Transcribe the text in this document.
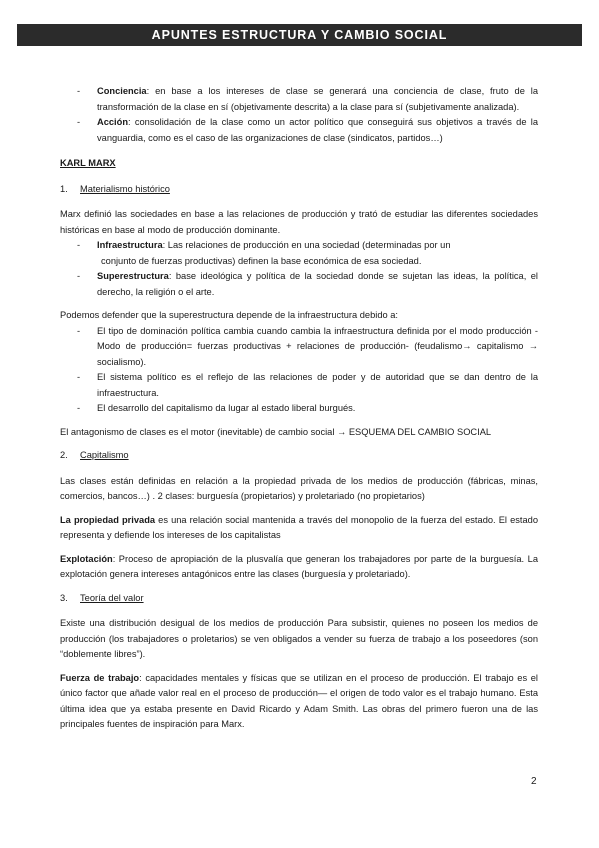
APUNTES ESTRUCTURA Y CAMBIO SOCIAL
- Conciencia: en base a los intereses de clase se generará una conciencia de clase, fruto de la transformación de la clase en sí (objetivamente descrita) a la clase para sí (subjetivamente analizada).
- Acción: consolidación de la clase como un actor político que conseguirá sus objetivos a través de la vanguardia, como es el caso de las organizaciones de clase (sindicatos, partidos…)

KARL MARX

1.	Materialismo histórico

Marx definió las sociedades en base a las relaciones de producción y trató de estudiar las diferentes sociedades históricas en base al modo de producción dominante.

- Infraestructura: Las relaciones de producción en una sociedad (determinadas por un
conjunto de fuerzas productivas) definen la base económica de esa sociedad.
- Superestructura: base ideológica y política de la sociedad donde se sujetan las ideas, la política, el derecho, la religión o el arte.

Podemos defender que la superestructura depende de la infraestructura debido a:

- El tipo de dominación política cambia cuando cambia la infraestructura definida por el modo producción - Modo de producción= fuerzas productivas + relaciones de producción- (feudalismo→ capitalismo → socialismo).
- El sistema político es el reflejo de las relaciones de poder y de autoridad que se dan dentro de la infraestructura.
- El desarrollo del capitalismo da lugar al estado liberal burgués.

El antagonismo de clases es el motor (inevitable) de cambio social → ESQUEMA DEL CAMBIO SOCIAL

2.	Capitalismo

Las clases están definidas en relación a la propiedad privada de los medios de producción (fábricas, minas, comercios, bancos…) . 2 clases: burguesía (propietarios) y proletariado (no propietarios)

La propiedad privada es una relación social mantenida a través del monopolio de la fuerza del estado. El estado representa y defiende los intereses de los capitalistas

Explotación: Proceso de apropiación de la plusvalía que generan los trabajadores por parte de la burguesía. La explotación genera intereses antagónicos entre las clases (burguesía y proletariado).

3.	Teoría del valor

Existe una distribución desigual de los medios de producción Para subsistir, quienes no poseen los medios de producción (los trabajadores o proletarios) se ven obligados a vender su fuerza de trabajo a los poseedores (son “doblemente libres”).

Fuerza de trabajo: capacidades mentales y físicas que se utilizan en el proceso de producción. El trabajo es el único factor que añade valor real en el proceso de producción— el origen de todo valor es el trabajo humano. Esta última idea que ya estaba presente en David Ricardo y Adam Smith. Las obras del primero fueron una de las principales fuentes de inspiración para Marx.

2
